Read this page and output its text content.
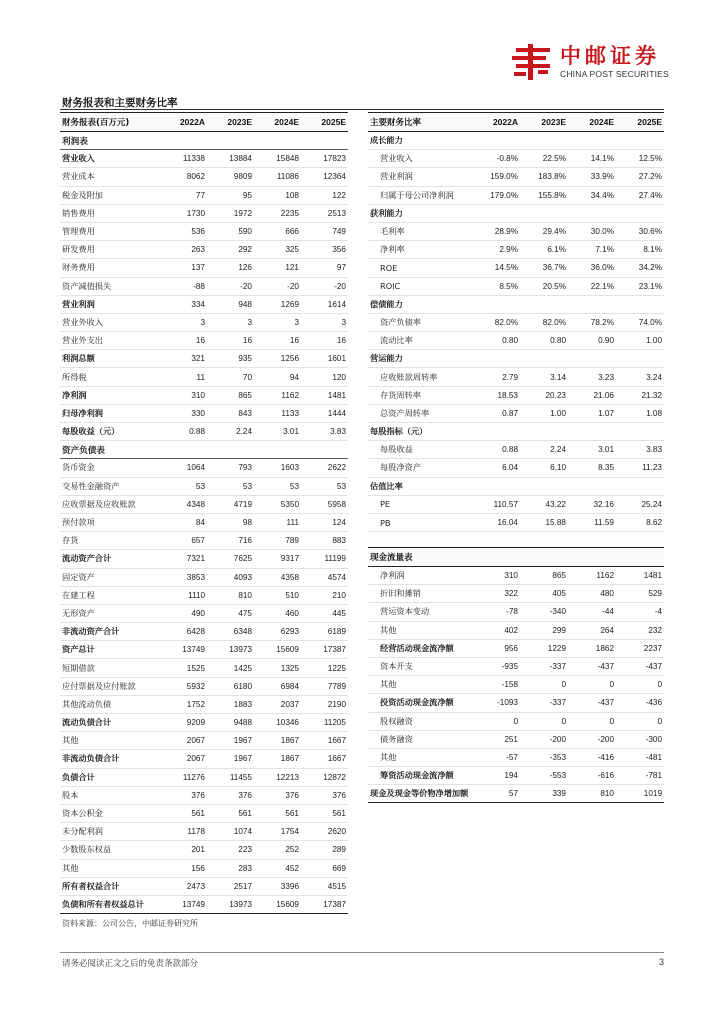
中邮证券
CHINA POST SECURITIES
财务报表和主要财务比率
财务报表(百万元)	2022A	2023E	2024E	2025E
利润表
营业收入	11338	13884	15848	17823
营业成本	8062	9809	11086	12364
税金及附加	77	95	108	122
销售费用	1730	1972	2235	2513
管理费用	536	590	666	749
研发费用	263	292	325	356
财务费用	137	126	121	97
资产减值损失	-88	-20	-20	-20
营业利润	334	948	1269	1614
营业外收入	3	3	3	3
营业外支出	16	16	16	16
利润总额	321	935	1256	1601
所得税	11	70	94	120
净利润	310	865	1162	1481
归母净利润	330	843	1133	1444
每股收益（元）	0.88	2.24	3.01	3.83
资产负债表
货币资金	1064	793	1603	2622
交易性金融资产	53	53	53	53
应收票据及应收账款	4348	4719	5350	5958
预付款项	84	98	111	124
存货	657	716	789	883
流动资产合计	7321	7625	9317	11199
固定资产	3853	4093	4358	4574
在建工程	1110	810	510	210
无形资产	490	475	460	445
非流动资产合计	6428	6348	6293	6189
资产总计	13749	13973	15609	17387
短期借款	1525	1425	1325	1225
应付票据及应付账款	5932	6180	6984	7789
其他流动负债	1752	1883	2037	2190
流动负债合计	9209	9488	10346	11205
其他	2067	1967	1867	1667
非流动负债合计	2067	1967	1867	1667
负债合计	11276	11455	12213	12872
股本	376	376	376	376
资本公积金	561	561	561	561
未分配利润	1178	1074	1754	2620
少数股东权益	201	223	252	289
其他	156	283	452	669
所有者权益合计	2473	2517	3396	4515
负债和所有者权益总计	13749	13973	15609	17387
主要财务比率	2022A	2023E	2024E	2025E
成长能力
营业收入	-0.8%	22.5%	14.1%	12.5%
营业利润	159.0%	183.8%	33.9%	27.2%
归属于母公司净利润	179.0%	155.8%	34.4%	27.4%
获利能力
毛利率	28.9%	29.4%	30.0%	30.6%
净利率	2.9%	6.1%	7.1%	8.1%
ROE	14.5%	36.7%	36.0%	34.2%
ROIC	8.5%	20.5%	22.1%	23.1%
偿债能力
资产负债率	82.0%	82.0%	78.2%	74.0%
流动比率	0.80	0.80	0.90	1.00
营运能力
应收账款周转率	2.79	3.14	3.23	3.24
存货周转率	18.53	20.23	21.06	21.32
总资产周转率	0.87	1.00	1.07	1.08
每股指标（元）
每股收益	0.88	2.24	3.01	3.83
每股净资产	6.04	6.10	8.35	11.23
估值比率
PE	110.57	43.22	32.16	25.24
PB	16.04	15.88	11.59	8.62
现金流量表
净利润	310	865	1162	1481
折旧和摊销	322	405	480	529
营运资本变动	-78	-340	-44	-4
其他	402	299	264	232
经营活动现金流净额	956	1229	1862	2237
资本开支	-935	-337	-437	-437
其他	-158	0	0	0
投资活动现金流净额	-1093	-337	-437	-436
股权融资	0	0	0	0
债务融资	251	-200	-200	-300
其他	-57	-353	-416	-481
筹资活动现金流净额	194	-553	-616	-781
现金及现金等价物净增加额	57	339	810	1019
资料来源：公司公告，中邮证券研究所
请务必阅读正文之后的免责条款部分	3
